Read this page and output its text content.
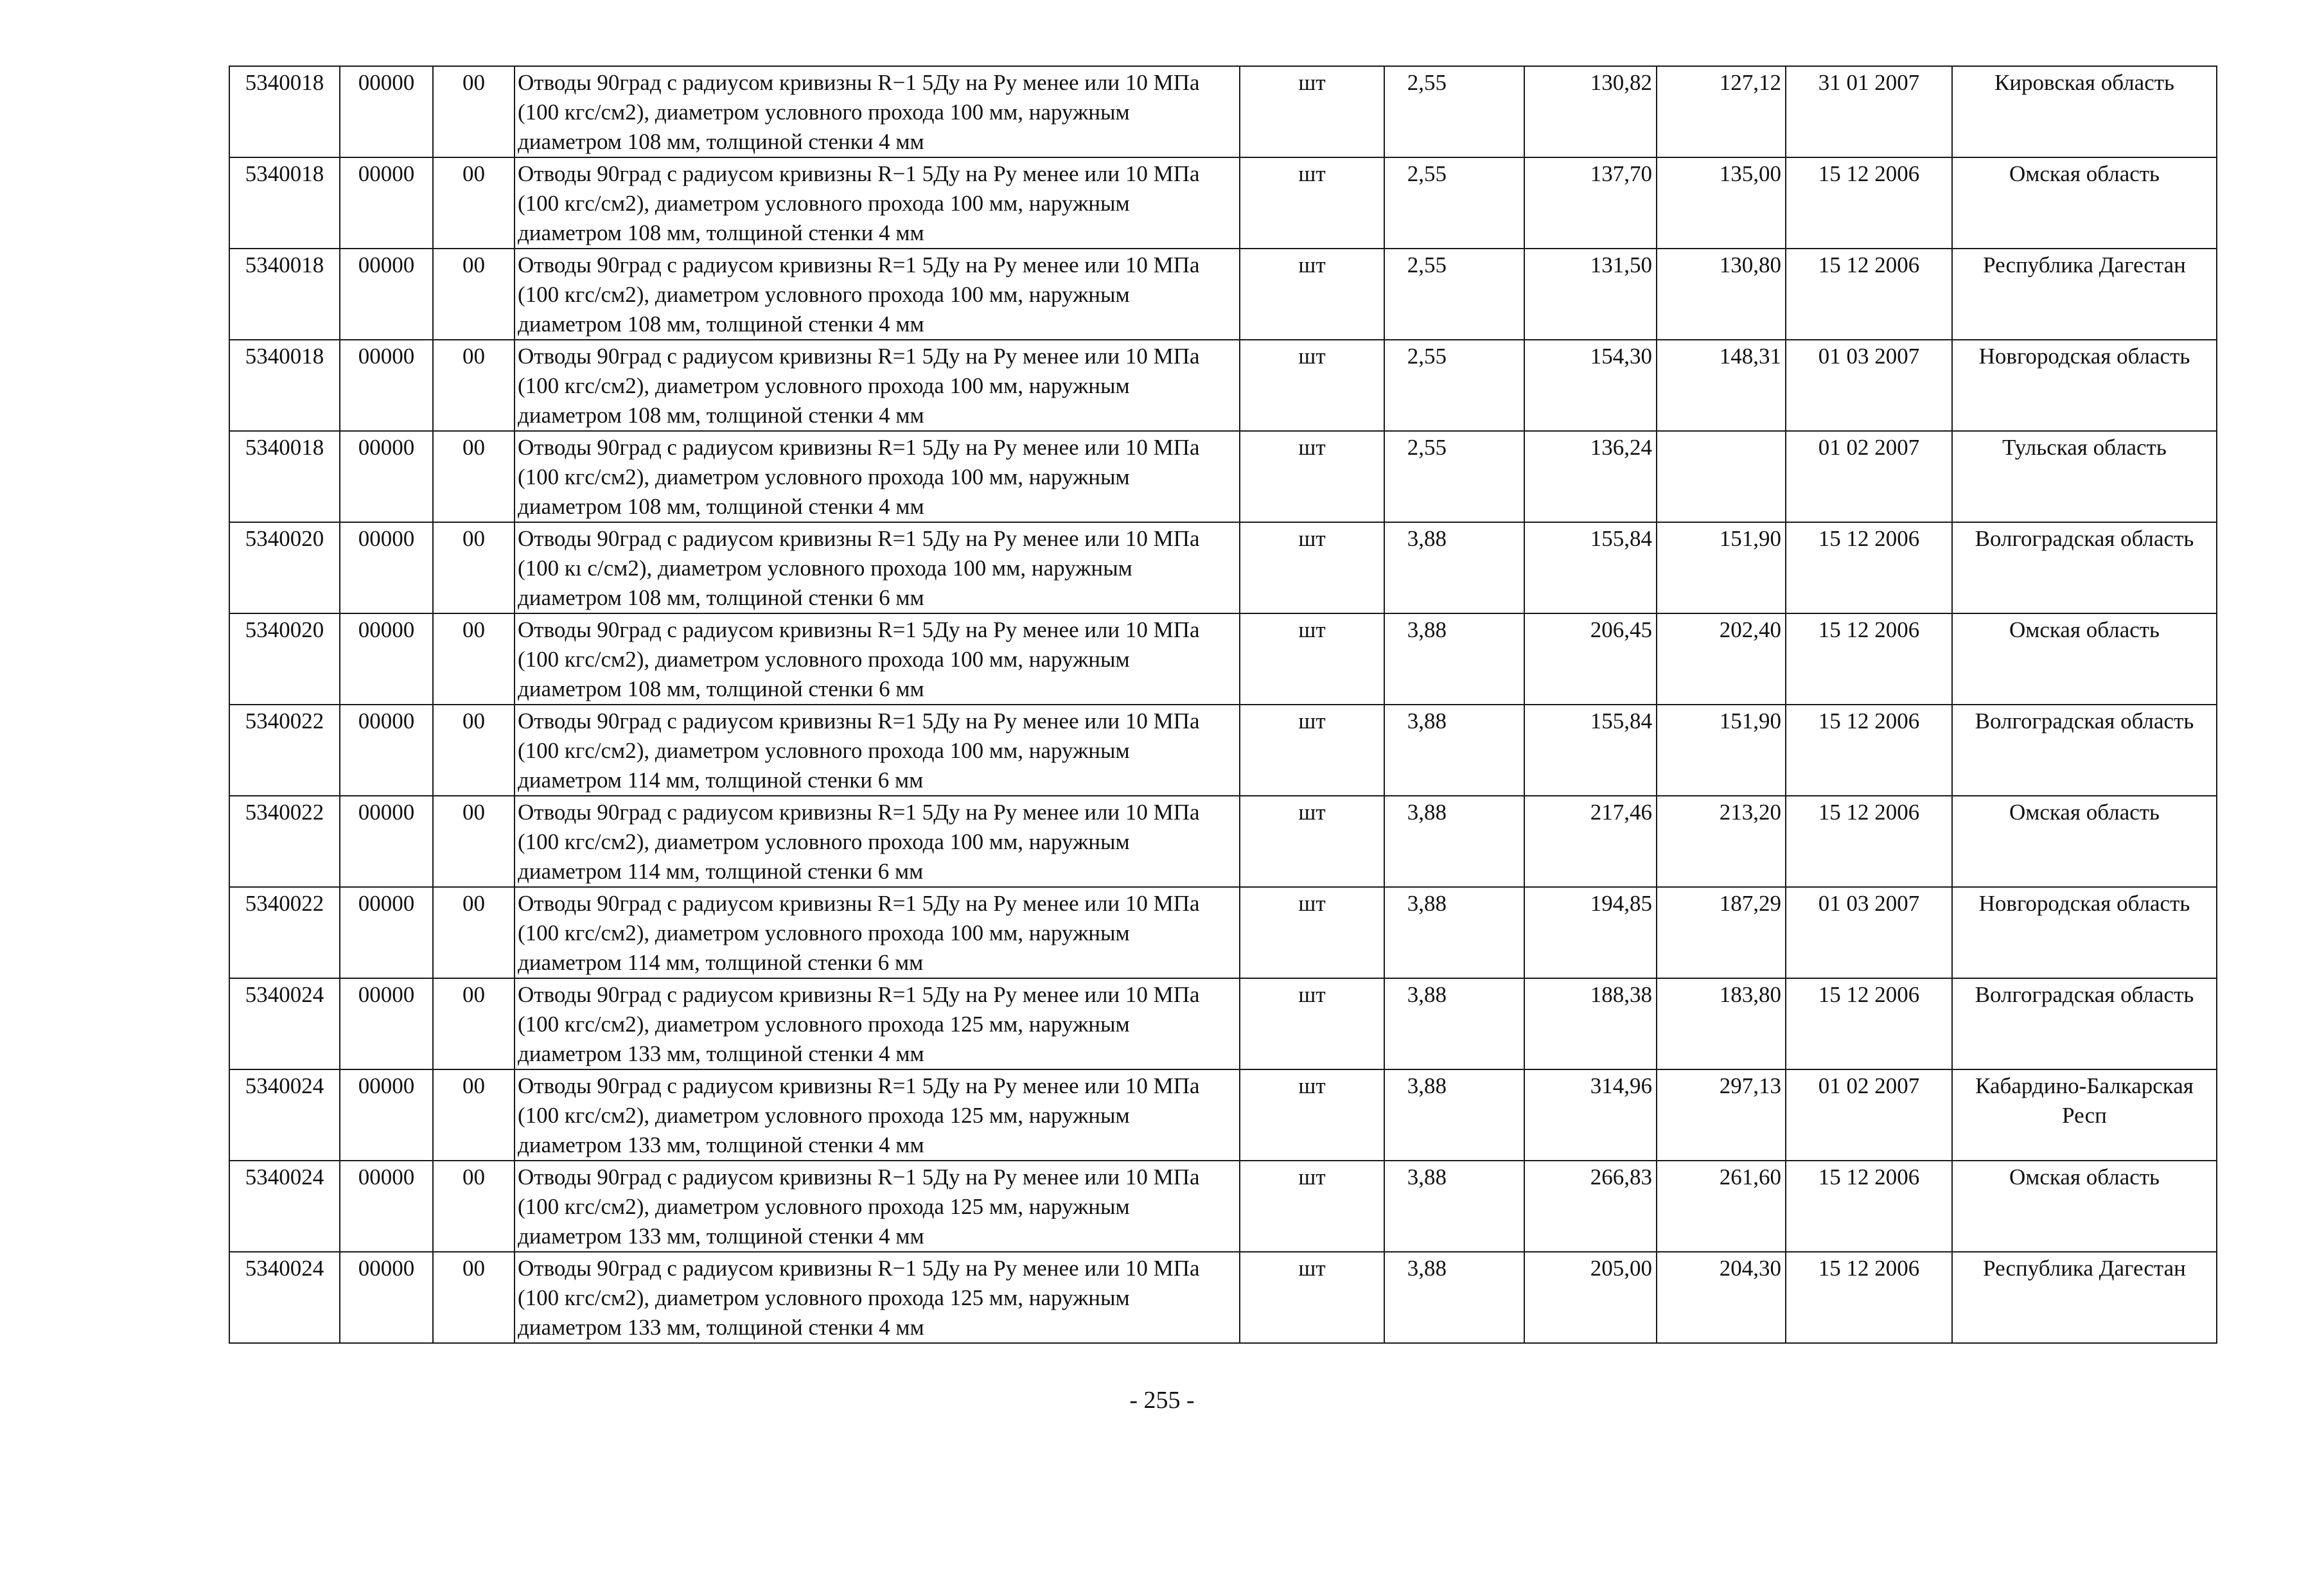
5340018	00000	00	Отводы 90град с радиусом кривизны R−1 5Ду на Ру менее или 10 МПа (100 кгс/см2), диаметром условного прохода 100 мм, наружным диаметром 108 мм, толщиной стенки 4 мм	шт	2,55	130,82	127,12	31 01 2007	Кировская область
5340018	00000	00	Отводы 90град с радиусом кривизны R−1 5Ду на Ру менее или 10 МПа (100 кгс/см2), диаметром условного прохода 100 мм, наружным диаметром 108 мм, толщиной стенки 4 мм	шт	2,55	137,70	135,00	15 12 2006	Омская область
5340018	00000	00	Отводы 90град с радиусом кривизны R=1 5Ду на Ру менее или 10 МПа (100 кгс/см2), диаметром условного прохода 100 мм, наружным диаметром 108 мм, толщиной стенки 4 мм	шт	2,55	131,50	130,80	15 12 2006	Республика Дагестан
5340018	00000	00	Отводы 90град с радиусом кривизны R=1 5Ду на Ру менее или 10 МПа (100 кгс/см2), диаметром условного прохода 100 мм, наружным диаметром 108 мм, толщиной стенки 4 мм	шт	2,55	154,30	148,31	01 03 2007	Новгородская область
5340018	00000	00	Отводы 90град с радиусом кривизны R=1 5Ду на Ру менее или 10 МПа (100 кгс/см2), диаметром условного прохода 100 мм, наружным диаметром 108 мм, толщиной стенки 4 мм	шт	2,55	136,24		01 02 2007	Тульская область
5340020	00000	00	Отводы 90град с радиусом кривизны R=1 5Ду на Ру менее или 10 МПа (100 кı с/см2), диаметром условного прохода 100 мм, наружным диаметром 108 мм, толщиной стенки 6 мм	шт	3,88	155,84	151,90	15 12 2006	Волгоградская область
5340020	00000	00	Отводы 90град с радиусом кривизны R=1 5Ду на Ру менее или 10 МПа (100 кгс/см2), диаметром условного прохода 100 мм, наружным диаметром 108 мм, толщиной стенки 6 мм	шт	3,88	206,45	202,40	15 12 2006	Омская область
5340022	00000	00	Отводы 90град с радиусом кривизны R=1 5Ду на Ру менее или 10 МПа (100 кгс/см2), диаметром условного прохода 100 мм, наружным диаметром 114 мм, толщиной стенки 6 мм	шт	3,88	155,84	151,90	15 12 2006	Волгоградская область
5340022	00000	00	Отводы 90град с радиусом кривизны R=1 5Ду на Ру менее или 10 МПа (100 кгс/см2), диаметром условного прохода 100 мм, наружным диаметром 114 мм, толщиной стенки 6 мм	шт	3,88	217,46	213,20	15 12 2006	Омская область
5340022	00000	00	Отводы 90град с радиусом кривизны R=1 5Ду на Ру менее или 10 МПа (100 кгс/см2), диаметром условного прохода 100 мм, наружным диаметром 114 мм, толщиной стенки 6 мм	шт	3,88	194,85	187,29	01 03 2007	Новгородская область
5340024	00000	00	Отводы 90град с радиусом кривизны R=1 5Ду на Ру менее или 10 МПа (100 кгс/см2), диаметром условного прохода 125 мм, наружным диаметром 133 мм, толщиной стенки 4 мм	шт	3,88	188,38	183,80	15 12 2006	Волгоградская область
5340024	00000	00	Отводы 90град с радиусом кривизны R=1 5Ду на Ру менее или 10 МПа (100 кгс/см2), диаметром условного прохода 125 мм, наружным диаметром 133 мм, толщиной стенки 4 мм	шт	3,88	314,96	297,13	01 02 2007	Кабардино-Балкарская Респ
5340024	00000	00	Отводы 90град с радиусом кривизны R−1 5Ду на Ру менее или 10 МПа (100 кгс/см2), диаметром условного прохода 125 мм, наружным диаметром 133 мм, толщиной стенки 4 мм	шт	3,88	266,83	261,60	15 12 2006	Омская область
5340024	00000	00	Отводы 90град с радиусом кривизны R−1 5Ду на Ру менее или 10 МПа (100 кгс/см2), диаметром условного прохода 125 мм, наружным диаметром 133 мм, толщиной стенки 4 мм	шт	3,88	205,00	204,30	15 12 2006	Республика Дагестан
- 255 -
